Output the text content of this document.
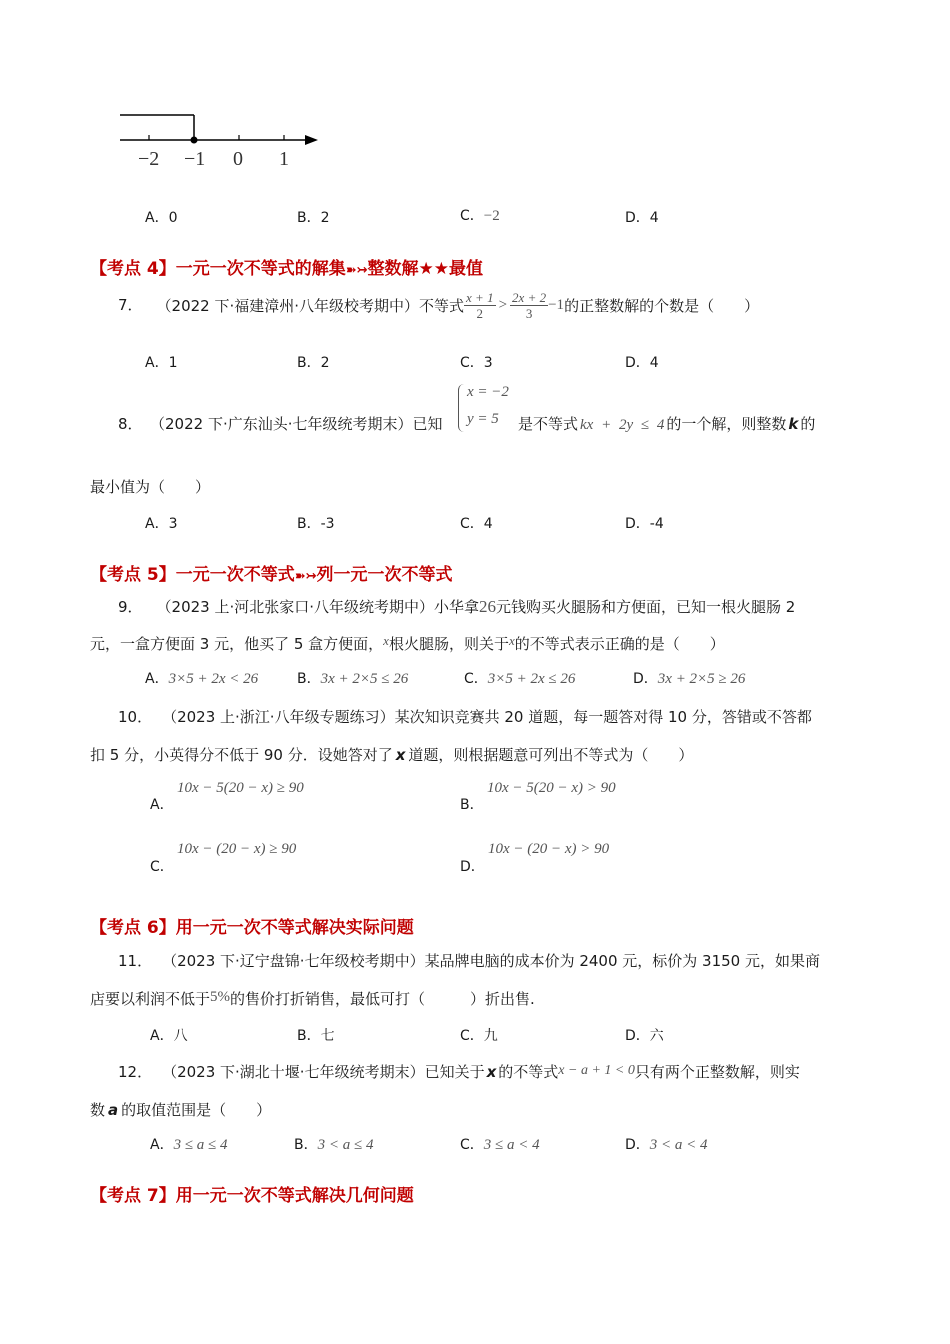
−2 −1 0 1
A．0	B．2	C．−2	D．4
【考点 4】一元一次不等式的解集➽↣整数解★★最值
7． （2022 下·福建漳州·八年级校考期中）不等式 $\frac{x + 1}{2} > \frac{2x + 2}{3} -1$的正整数解的个数是（　　）
A．1	B．2	C．3	D．4
8． （2022 下·广东汕头·七年级统考期末）已知
x = −2
y = 5 是不等式 kx + 2y ≤ 4 的一个解，则整数 k 的
最小值为（　　）
A．3	B．-3	C．4	D．-4
【考点 5】一元一次不等式➽↣列一元一次不等式
9． （2023 上·河北张家口·八年级统考期中）小华拿26元钱购买火腿肠和方便面，已知一根火腿肠 2
元，一盒方便面 3 元，他买了 5 盒方便面，x根火腿肠，则关于x的不等式表示正确的是（　　）
A．3×5 + 2x < 26	B．3x + 2×5 ≤ 26	C．3×5 + 2x ≤ 26	D．3x + 2×5 ≥ 26
10． （2023 上·浙江·八年级专题练习）某次知识竞赛共 20 道题，每一题答对得 10 分，答错或不答都
扣 5 分，小英得分不低于 90 分．设她答对了 x 道题，则根据题意可列出不等式为（　　）
A．
10x − 5(20 − x) ≥ 90
B．
10x − 5(20 − x) > 90
C．
10x − (20 − x) ≥ 90
D．
10x − (20 − x) > 90
【考点 6】用一元一次不等式解决实际问题
11． （2023 下·辽宁盘锦·七年级校考期中）某品牌电脑的成本价为 2400 元，标价为 3150 元，如果商
店要以利润不低于5%的售价打折销售，最低可打（　　　）折出售.
A．八	B．七	C．九	D．六
12． （2023 下·湖北十堰·七年级统考期末）已知关于 x 的不等式x − a + 1 < 0只有两个正整数解，则实
数 a 的取值范围是（　　）
A．3 ≤ a ≤ 4	B．3 < a ≤ 4	C．3 ≤ a < 4	D．3 < a < 4
【考点 7】用一元一次不等式解决几何问题
